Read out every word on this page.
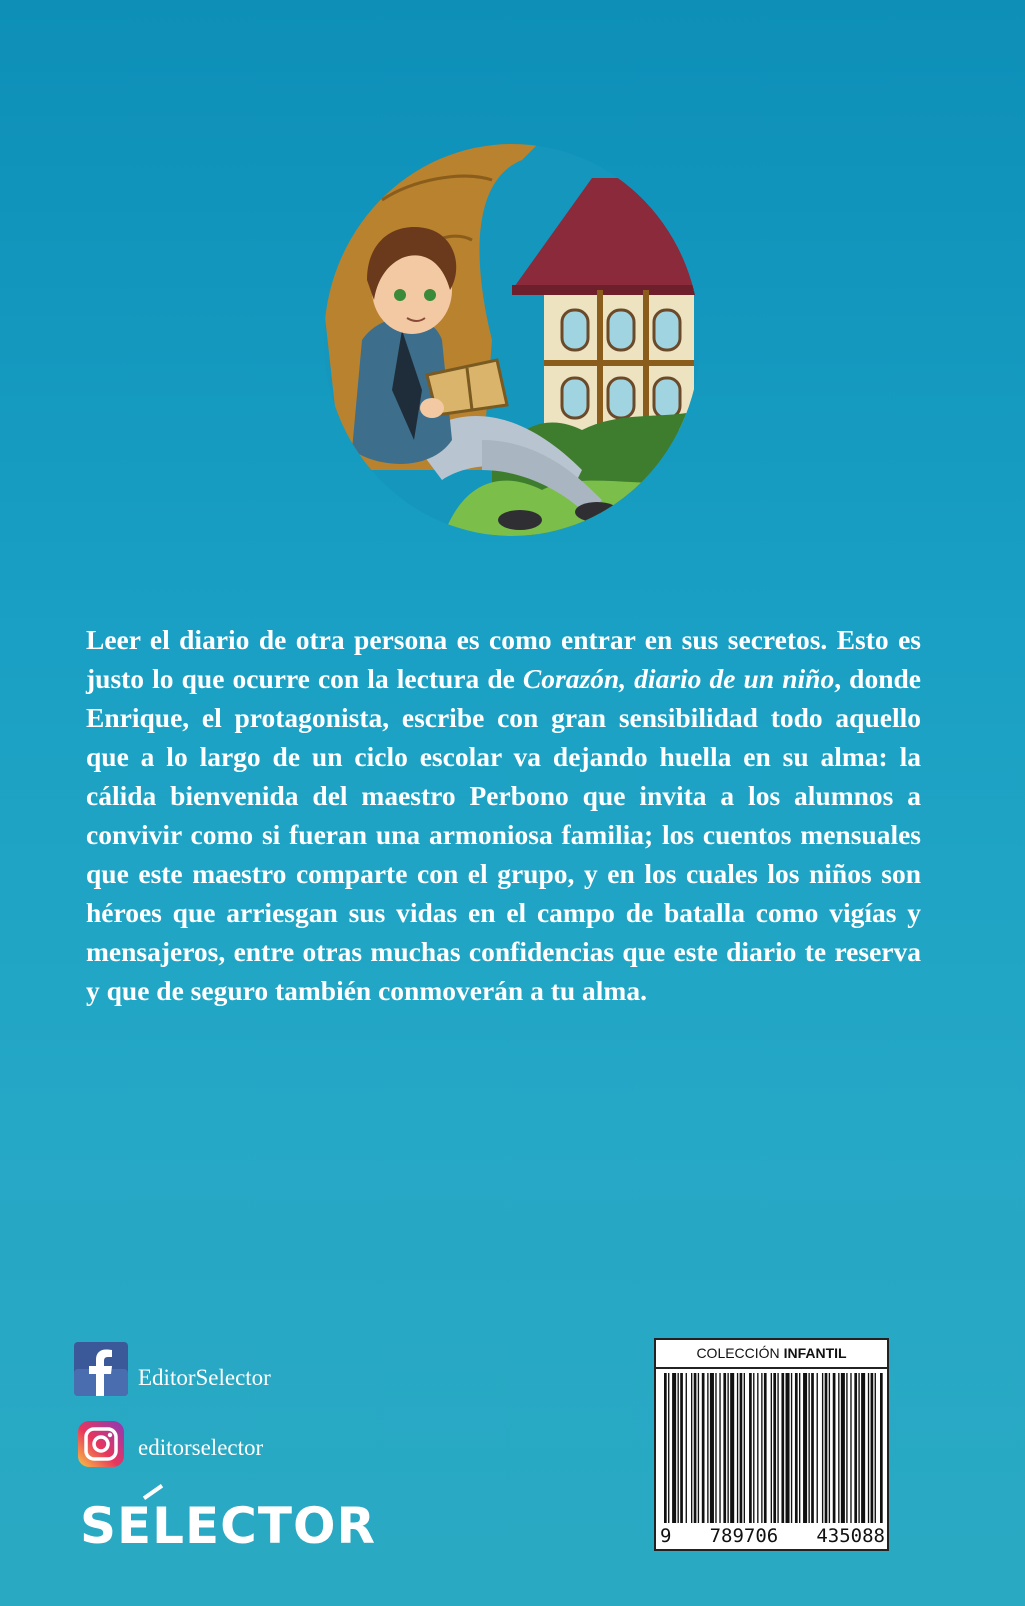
Leer el diario de otra persona es como entrar en sus secretos. Esto es justo lo que ocurre con la lectura de Corazón, diario de un niño, donde Enrique, el protagonista, escribe con gran sensibilidad todo aquello que a lo largo de un ciclo escolar va dejando huella en su alma: la cálida bienvenida del maestro Perbono que invita a los alumnos a convivir como si fueran una armoniosa familia; los cuentos mensuales que este maestro comparte con el grupo, y en los cuales los niños son héroes que arriesgan sus vidas en el campo de batalla como vigías y mensajeros, entre otras muchas confidencias que este diario te reserva y que de seguro también conmoverán a tu alma.

EditorSelector
editorselector
SELECTOR
COLECCIÓN INFANTIL
9 789706 435088
